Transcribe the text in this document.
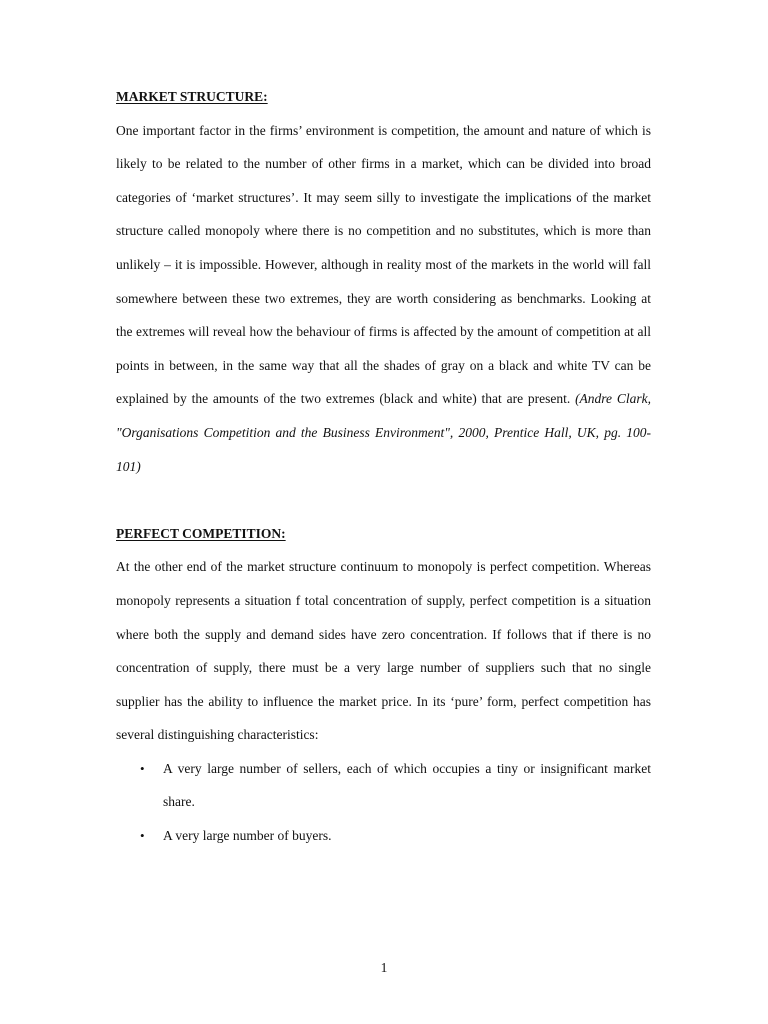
MARKET STRUCTURE:

One important factor in the firms’ environment is competition, the amount and nature of which is likely to be related to the number of other firms in a market, which can be divided into broad categories of ‘market structures’. It may seem silly to investigate the implications of the market structure called monopoly where there is no competition and no substitutes, which is more than unlikely – it is impossible. However, although in reality most of the markets in the world will fall somewhere between these two extremes, they are worth considering as benchmarks. Looking at the extremes will reveal how the behaviour of firms is affected by the amount of competition at all points in between, in the same way that all the shades of gray on a black and white TV can be explained by the amounts of the two extremes (black and white) that are present. (Andre Clark, "Organisations Competition and the Business Environment", 2000, Prentice Hall, UK, pg. 100-101)

PERFECT COMPETITION:

At the other end of the market structure continuum to monopoly is perfect competition. Whereas monopoly represents a situation f total concentration of supply, perfect competition is a situation where both the supply and demand sides have zero concentration. If follows that if there is no concentration of supply, there must be a very large number of suppliers such that no single supplier has the ability to influence the market price. In its ‘pure’ form, perfect competition has several distinguishing characteristics:

• A very large number of sellers, each of which occupies a tiny or insignificant market share.
• A very large number of buyers.
1
